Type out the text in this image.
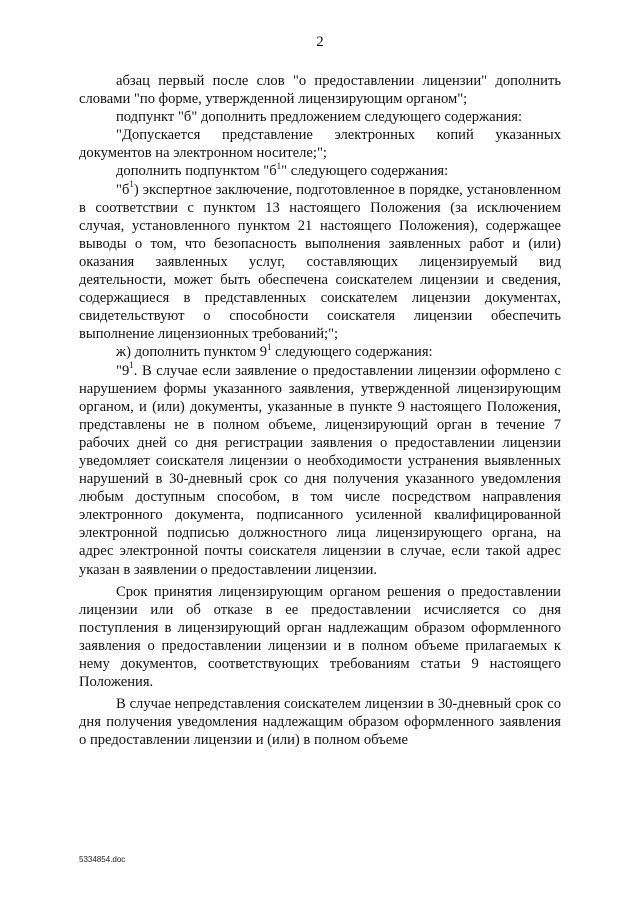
2

абзац первый после слов "о предоставлении лицензии" дополнить словами "по форме, утвержденной лицензирующим органом";

подпункт "б" дополнить предложением следующего содержания:

"Допускается представление электронных копий указанных документов на электронном носителе;";

дополнить подпунктом "$б^1$" следующего содержания:

"$б^1$) экспертное заключение, подготовленное в порядке, установленном в соответствии с пунктом 13 настоящего Положения (за исключением случая, установленного пунктом 21 настоящего Положения), содержащее выводы о том, что безопасность выполнения заявленных работ и (или) оказания заявленных услуг, составляющих лицензируемый вид деятельности, может быть обеспечена соискателем лицензии и сведения, содержащиеся в представленных соискателем лицензии документах, свидетельствуют о способности соискателя лицензии обеспечить выполнение лицензионных требований;";

ж) дополнить пунктом $9^1$ следующего содержания:

"$9^1$. В случае если заявление о предоставлении лицензии оформлено с нарушением формы указанного заявления, утвержденной лицензирующим органом, и (или) документы, указанные в пункте 9 настоящего Положения, представлены не в полном объеме, лицензирующий орган в течение 7 рабочих дней со дня регистрации заявления о предоставлении лицензии уведомляет соискателя лицензии о необходимости устранения выявленных нарушений в 30-дневный срок со дня получения указанного уведомления любым доступным способом, в том числе посредством направления электронного документа, подписанного усиленной квалифицированной электронной подписью должностного лица лицензирующего органа, на адрес электронной почты соискателя лицензии в случае, если такой адрес указан в заявлении о предоставлении лицензии.

Срок принятия лицензирующим органом решения о предоставлении лицензии или об отказе в ее предоставлении исчисляется со дня поступления в лицензирующий орган надлежащим образом оформленного заявления о предоставлении лицензии и в полном объеме прилагаемых к нему документов, соответствующих требованиям статьи 9 настоящего Положения.

В случае непредставления соискателем лицензии в 30-дневный срок со дня получения уведомления надлежащим образом оформленного заявления о предоставлении лицензии и (или) в полном объеме

5334854.doc
